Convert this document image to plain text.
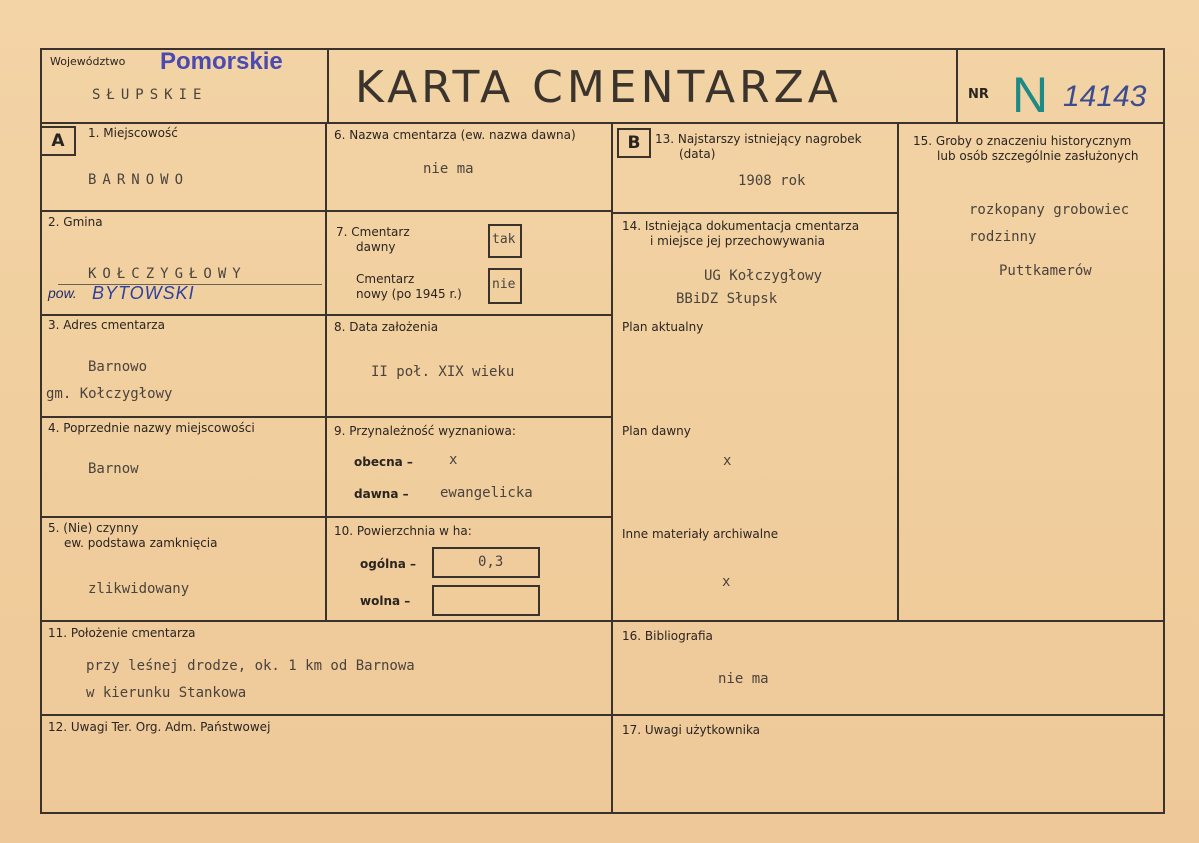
Województwo Pomorskie
SŁUPSKIE	KARTA CMENTARZA	NR N 14143
A	1. Miejscowość
BARNOWO
2. Gmina
KOŁCZYGŁOWY
pow. BYTOWSKI
3. Adres cmentarza
Barnowo
gm. Kołczygłowy
4. Poprzednie nazwy miejscowości
Barnow
5. (Nie) czynny
ew. podstawa zamknięcia
zlikwidowany
6. Nazwa cmentarza (ew. nazwa dawna)
nie ma
7. Cmentarz
dawny	tak
Cmentarz
nowy (po 1945 r.)
nie
8. Data założenia
II poł. XIX wieku
9. Przynależność wyznaniowa:
obecna –	x
dawna – ewangelicka
10. Powierzchnia w ha:
ogólna –	0,3
wolna –
B	13. Najstarszy istniejący nagrobek
(data)
1908 rok
14. Istniejąca dokumentacja cmentarza
i miejsce jej przechowywania
UG Kołczygłowy
BBiDZ Słupsk
Plan aktualny
Plan dawny
x
Inne materiały archiwalne
x
15. Groby o znaczeniu historycznym
lub osób szczególnie zasłużonych
rozkopany grobowiec
rodzinny
Puttkamerów
11. Położenie cmentarza
przy leśnej drodze, ok. 1 km od Barnowa
w kierunku Stankowa
16. Bibliografia
nie ma
12. Uwagi Ter. Org. Adm. Państwowej	17. Uwagi użytkownika
